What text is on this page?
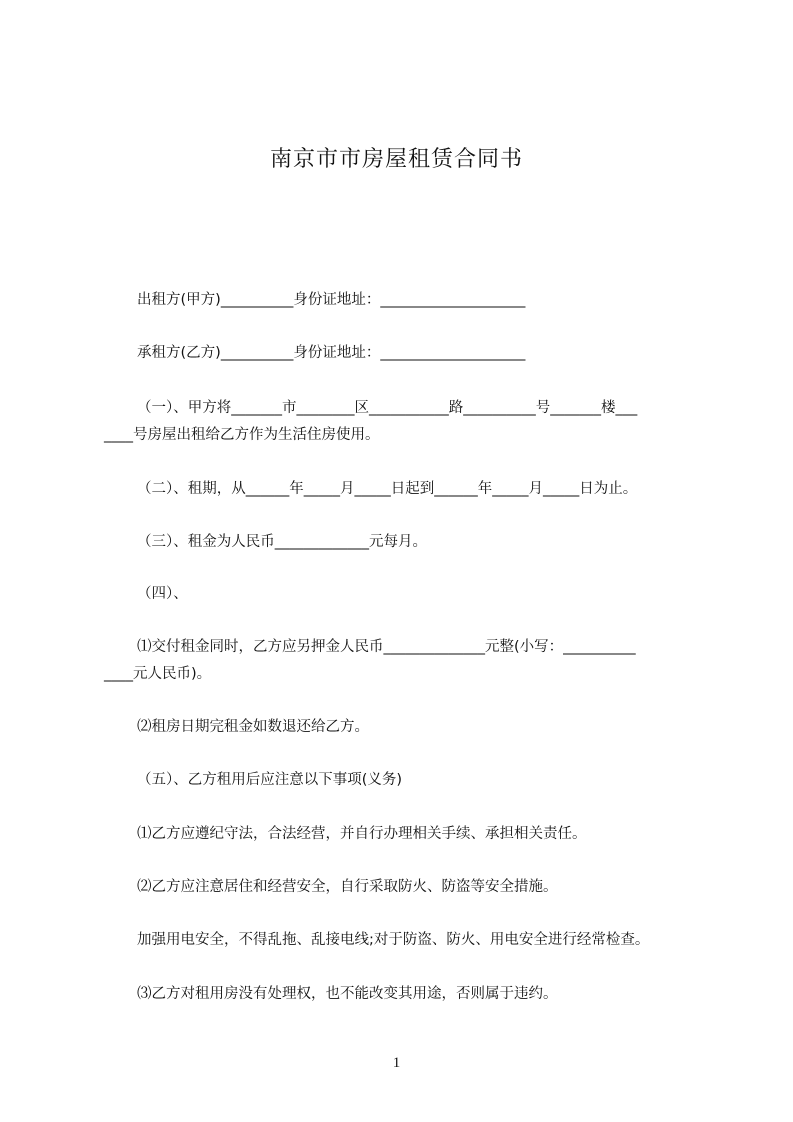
南京市市房屋租赁合同书

出租方(甲方)__________身份证地址：____________________

承租方(乙方)__________身份证地址：____________________

（一）、甲方将_______市________区___________路__________号_______楼___

____号房屋出租给乙方作为生活住房使用。

（二）、租期，从______年_____月_____日起到______年_____月_____日为止。

（三）、租金为人民币_____________元每月。

（四）、

⑴交付租金同时，乙方应另押金人民币______________元整(小写：__________

____元人民币)。

⑵租房日期完租金如数退还给乙方。

（五）、乙方租用后应注意以下事项(义务)

⑴乙方应遵纪守法，合法经营，并自行办理相关手续、承担相关责任。

⑵乙方应注意居住和经营安全，自行采取防火、防盗等安全措施。

加强用电安全，不得乱拖、乱接电线;对于防盗、防火、用电安全进行经常检查。

⑶乙方对租用房没有处理权，也不能改变其用途，否则属于违约。

1
